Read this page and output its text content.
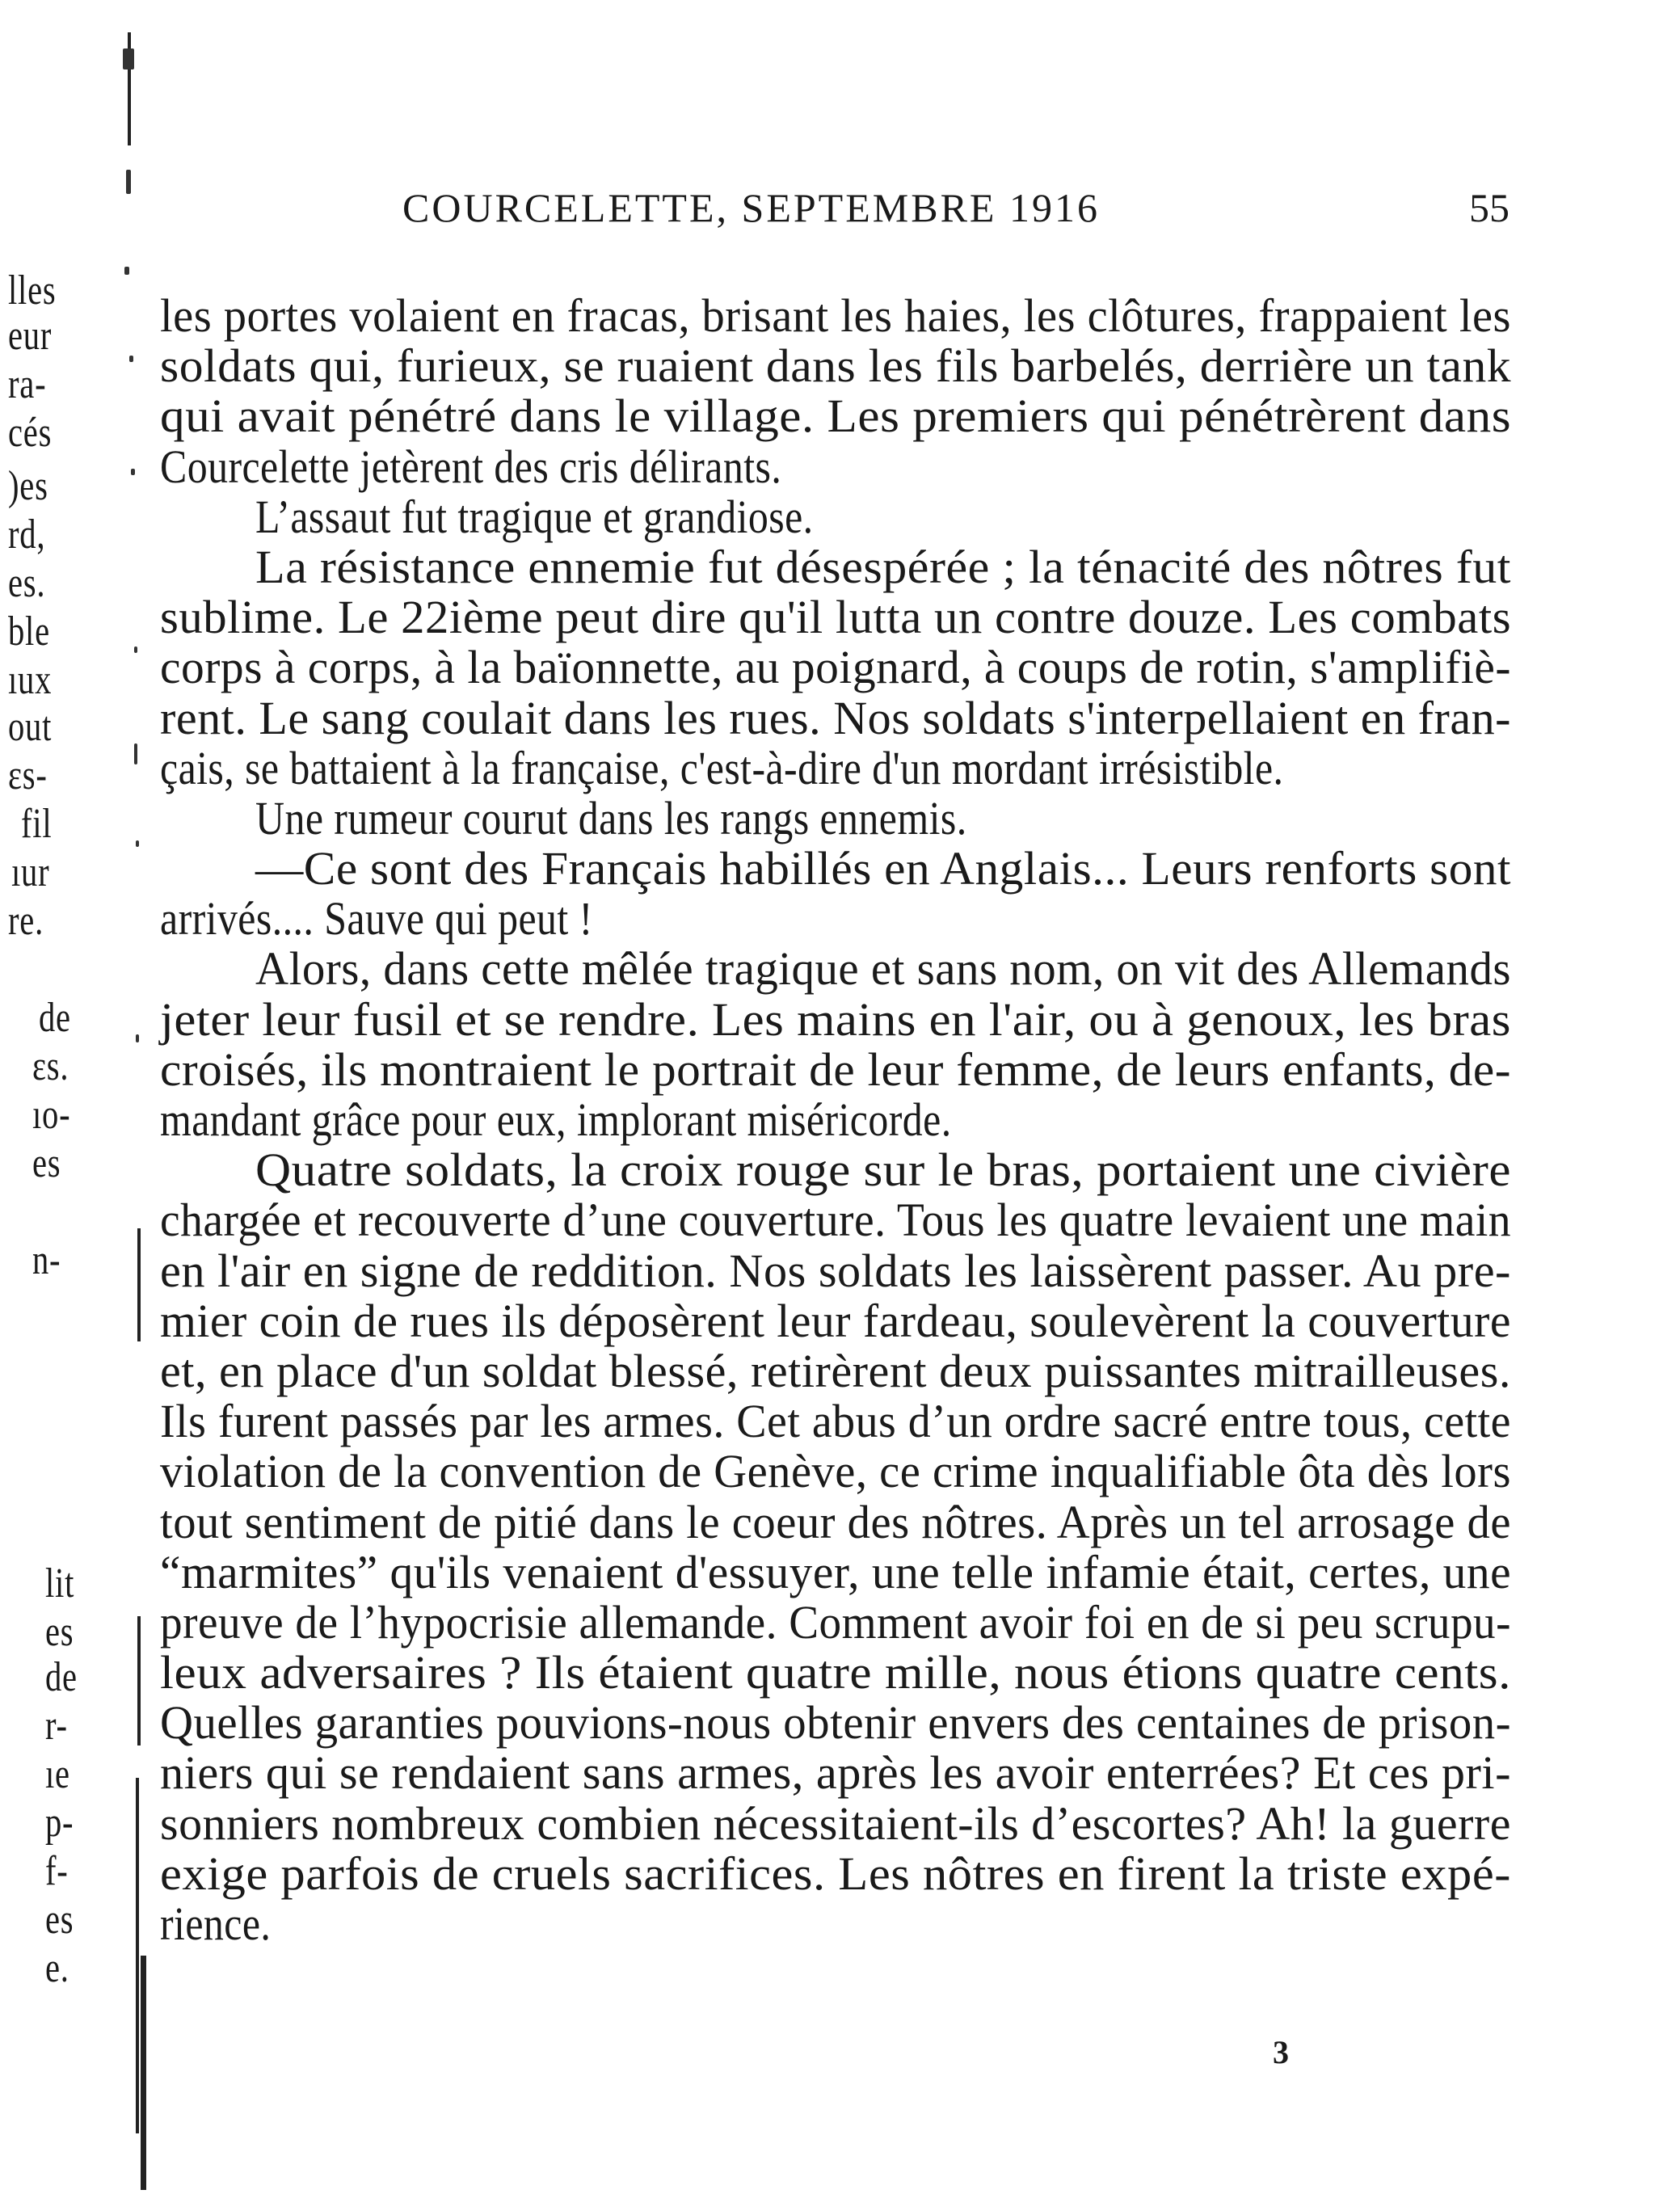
lles
eur
ra-
cés
)es
rd,
es.
ble
ıux
out
ɛs-
fil
ıur
re.
de
ɛs.
ıo-
es
n-
lit
es
de
r-
ıe
p-
f-
es
e.
COURCELETTE, SEPTEMBRE 1916	55
les portes volaient en fracas, brisant les haies, les clôtures, frappaient les
soldats qui, furieux, se ruaient dans les fils barbelés, derrière un tank
qui avait pénétré dans le village. Les premiers qui pénétrèrent dans
Courcelette jetèrent des cris délirants.
L’assaut fut tragique et grandiose.
La résistance ennemie fut désespérée ; la ténacité des nôtres fut
sublime. Le 22ième peut dire qu'il lutta un contre douze. Les combats
corps à corps, à la baïonnette, au poignard, à coups de rotin, s'amplifiè-
rent. Le sang coulait dans les rues. Nos soldats s'interpellaient en fran-
çais, se battaient à la française, c'est-à-dire d'un mordant irrésistible.
Une rumeur courut dans les rangs ennemis.
—Ce sont des Français habillés en Anglais... Leurs renforts sont
arrivés.... Sauve qui peut !
Alors, dans cette mêlée tragique et sans nom, on vit des Allemands
jeter leur fusil et se rendre. Les mains en l'air, ou à genoux, les bras
croisés, ils montraient le portrait de leur femme, de leurs enfants, de-
mandant grâce pour eux, implorant miséricorde.
Quatre soldats, la croix rouge sur le bras, portaient une civière
chargée et recouverte d’une couverture. Tous les quatre levaient une main
en l'air en signe de reddition. Nos soldats les laissèrent passer. Au pre-
mier coin de rues ils déposèrent leur fardeau, soulevèrent la couverture
et, en place d'un soldat blessé, retirèrent deux puissantes mitrailleuses.
Ils furent passés par les armes. Cet abus d’un ordre sacré entre tous, cette
violation de la convention de Genève, ce crime inqualifiable ôta dès lors
tout sentiment de pitié dans le coeur des nôtres. Après un tel arrosage de
“marmites” qu'ils venaient d'essuyer, une telle infamie était, certes, une
preuve de l’hypocrisie allemande. Comment avoir foi en de si peu scrupu-
leux adversaires ? Ils étaient quatre mille, nous étions quatre cents.
Quelles garanties pouvions-nous obtenir envers des centaines de prison-
niers qui se rendaient sans armes, après les avoir enterrées? Et ces pri-
sonniers nombreux combien nécessitaient-ils d’escortes? Ah! la guerre
exige parfois de cruels sacrifices. Les nôtres en firent la triste expé-
rience.
3
